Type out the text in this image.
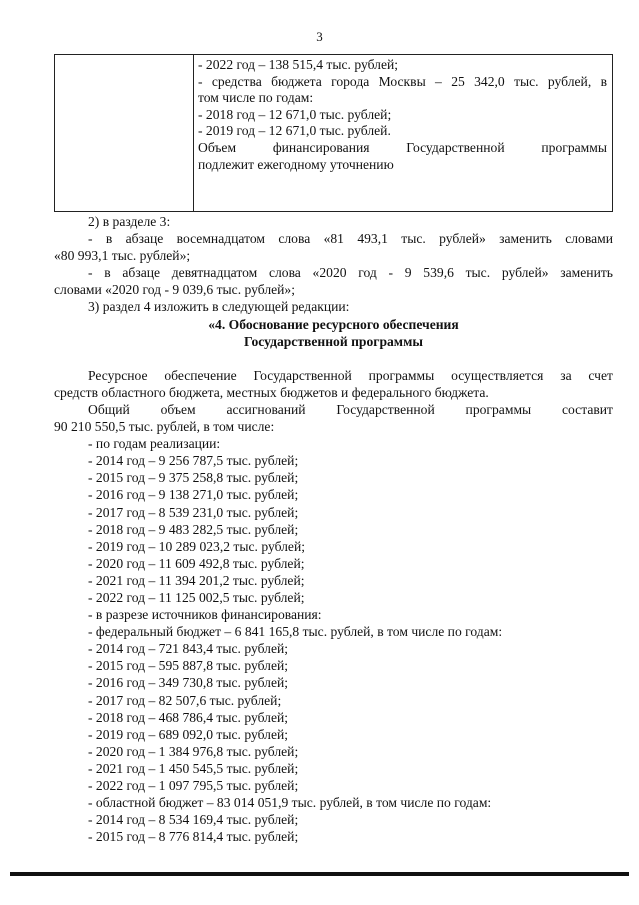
3

- 2022 год – 138 515,4 тыс. рублей;
- средства бюджета города Москвы – 25 342,0 тыс. рублей, в
том числе по годам:
- 2018 год – 12 671,0 тыс. рублей;
- 2019 год – 12 671,0 тыс. рублей.
Объем финансирования Государственной программы
подлежит ежегодному уточнению
2) в разделе 3:
- в абзаце восемнадцатом слова «81 493,1 тыс. рублей» заменить словами
«80 993,1 тыс. рублей»;
- в абзаце девятнадцатом слова «2020 год - 9 539,6 тыс. рублей» заменить
словами «2020 год - 9 039,6 тыс. рублей»;
3) раздел 4 изложить в следующей редакции:
«4. Обоснование ресурсного обеспечения
Государственной программы
Ресурсное обеспечение Государственной программы осуществляется за счет
средств областного бюджета, местных бюджетов и федерального бюджета.
Общий объем ассигнований Государственной программы составит
90 210 550,5 тыс. рублей, в том числе:
- по годам реализации:
- 2014 год – 9 256 787,5 тыс. рублей;
- 2015 год – 9 375 258,8 тыс. рублей;
- 2016 год – 9 138 271,0 тыс. рублей;
- 2017 год – 8 539 231,0 тыс. рублей;
- 2018 год – 9 483 282,5 тыс. рублей;
- 2019 год – 10 289 023,2 тыс. рублей;
- 2020 год – 11 609 492,8 тыс. рублей;
- 2021 год – 11 394 201,2 тыс. рублей;
- 2022 год – 11 125 002,5 тыс. рублей;
- в разрезе источников финансирования:
- федеральный бюджет – 6 841 165,8 тыс. рублей, в том числе по годам:
- 2014 год – 721 843,4 тыс. рублей;
- 2015 год – 595 887,8 тыс. рублей;
- 2016 год – 349 730,8 тыс. рублей;
- 2017 год – 82 507,6 тыс. рублей;
- 2018 год – 468 786,4 тыс. рублей;
- 2019 год – 689 092,0 тыс. рублей;
- 2020 год – 1 384 976,8 тыс. рублей;
- 2021 год – 1 450 545,5 тыс. рублей;
- 2022 год – 1 097 795,5 тыс. рублей;
- областной бюджет – 83 014 051,9 тыс. рублей, в том числе по годам:
- 2014 год – 8 534 169,4 тыс. рублей;
- 2015 год – 8 776 814,4 тыс. рублей;
